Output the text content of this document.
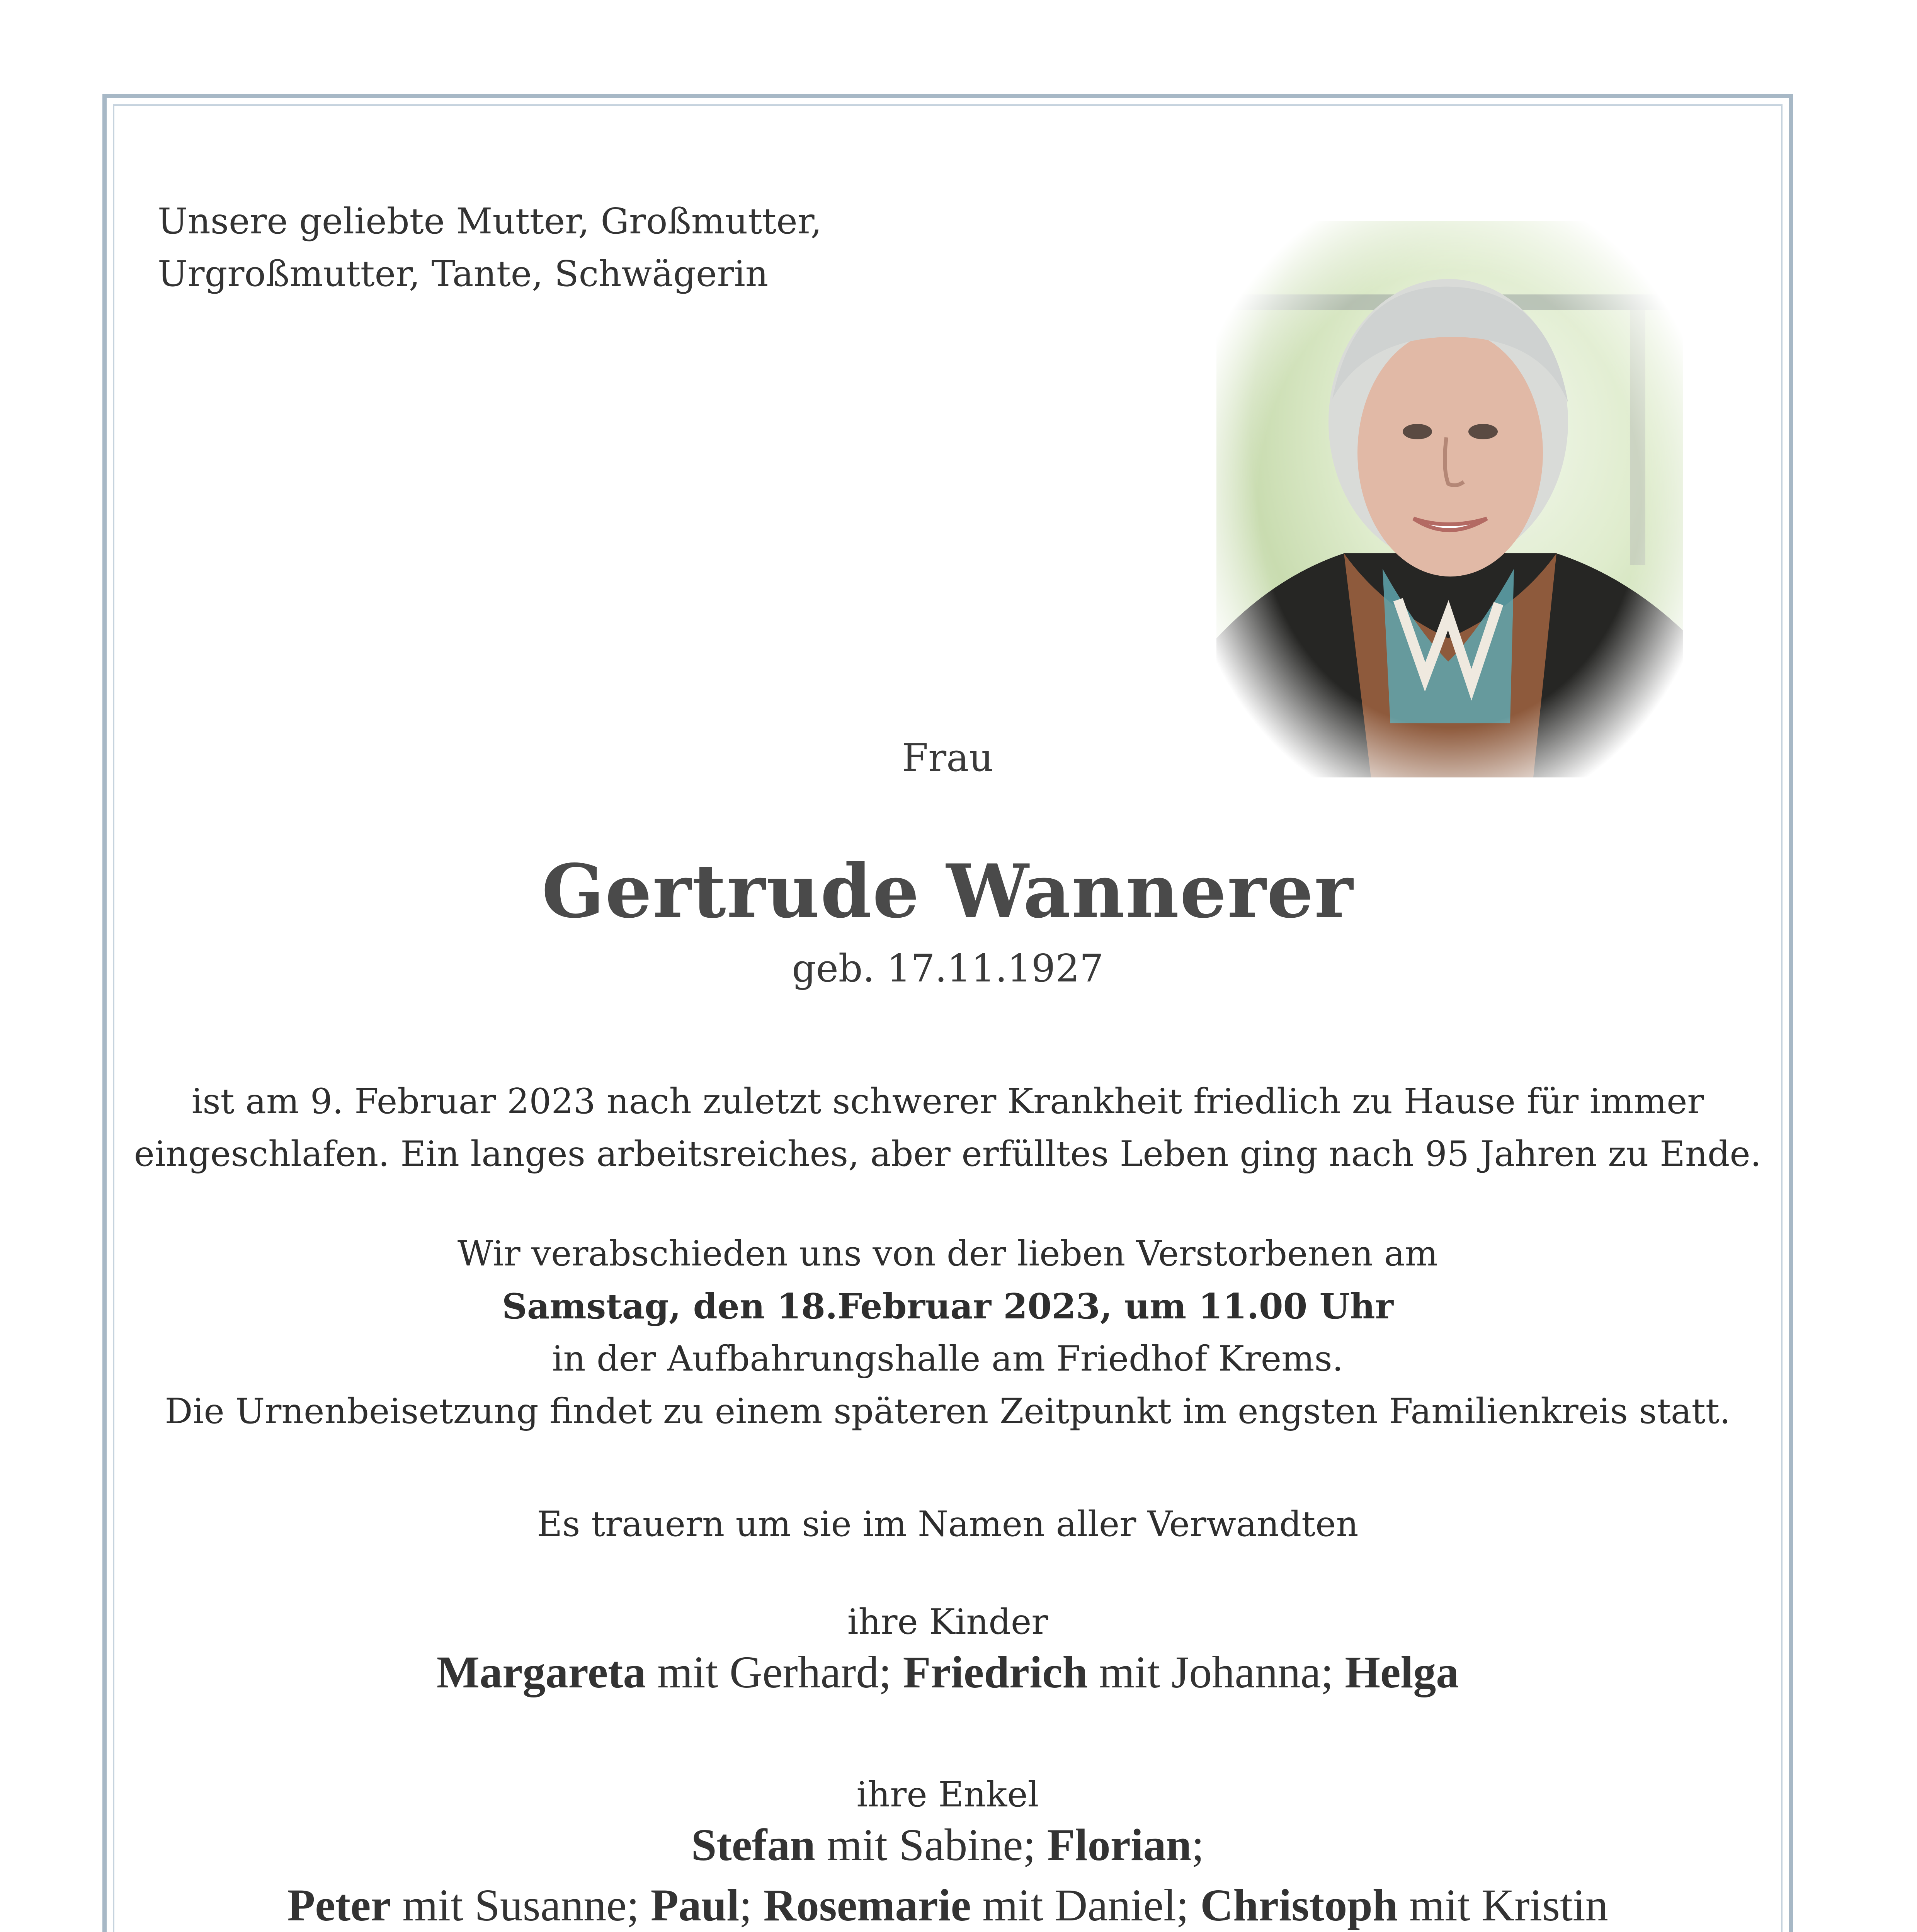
Unsere geliebte Mutter, Großmutter,
Urgroßmutter, Tante, Schwägerin
Frau
Gertrude Wannerer
geb. 17.11.1927
ist am 9. Februar 2023 nach zuletzt schwerer Krankheit friedlich zu Hause für immer
eingeschlafen. Ein langes arbeitsreiches, aber erfülltes Leben ging nach 95 Jahren zu Ende.
Wir verabschieden uns von der lieben Verstorbenen am
Samstag, den 18.Februar 2023, um 11.00 Uhr
in der Aufbahrungshalle am Friedhof Krems.
Die Urnenbeisetzung findet zu einem späteren Zeitpunkt im engsten Familienkreis statt.
Es trauern um sie im Namen aller Verwandten
ihre Kinder
Margareta mit Gerhard; Friedrich mit Johanna; Helga
ihre Enkel
Stefan mit Sabine; Florian;
Peter mit Susanne; Paul; Rosemarie mit Daniel; Christoph mit Kristin
